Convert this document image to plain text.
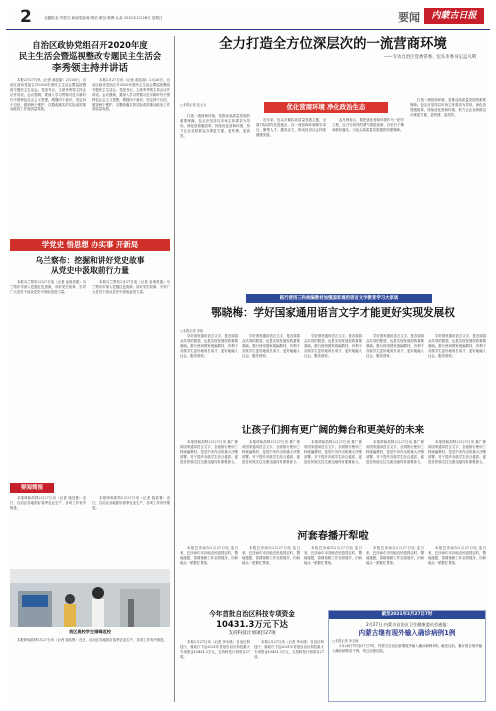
2	北疆报业·内蒙古·新闻零距离·网站·微信·微博·头条 2021年2月28日 星期日	要闻	内蒙古日报
自治区政协党组召开2020年度
民主生活会暨巡视整改专题民主生活会
李秀领主持并讲话

本报2月27日讯（记者 郝佳丽）2月26日，自治区政协党组召开2020年度民主生活会暨巡视整改专题民主生活会。党组书记、主席李秀领主持会议并讲话。会议强调，要深入学习贯彻习近平新时代中国特色社会主义思想，增强四个意识，坚定四个自信，做到两个维护，以整改落实的实际成效推动政协工作高质量发展。

本报2月27日讯（记者 郝佳丽）2月26日，自治区政协党组召开2020年度民主生活会暨巡视整改专题民主生活会。党组书记、主席李秀领主持会议并讲话。会议强调，要深入学习贯彻习近平新时代中国特色社会主义思想，增强四个意识，坚定四个自信，做到两个维护，以整改落实的实际成效推动政协工作高质量发展。

学党史 悟思想 办实事 开新局
乌兰察布：挖掘和讲好党史故事
从党史中汲取前行力量

本报乌兰察布2月27日电（记者 皇甫美惠）乌兰察布市深入挖掘红色资源，讲好党史故事，引导广大党员干部从党史中汲取奋进力量。

本报乌兰察布2月27日电（记者 皇甫美惠）乌兰察布市深入挖掘红色资源，讲好党史故事，引导广大党员干部从党史中汲取奋进力量。

要闻简报

本报呼和浩特2月27日讯（记者 钱其鲁）近日，自治区各地抓好春季农业生产，各项工作有序推进。

本报呼和浩特2月27日讯（记者 钱其鲁）近日，自治区各地抓好春季农业生产，各项工作有序推进。

我区高校学生错峰返校

本报呼和浩特2月27日讯（记者 钱其鲁）近日，自治区各地抓好春季农业生产，各项工作有序推进。

全力打造全方位深层次的一流营商环境
——专访自治区党委常委、包头市委书记孟凡利
□本报记者 赵元元	优化营商环境 净化政治生态

打造一流营商环境，是推动高质量发展的重要保障。包头市坚持以市场主体需求为导向，深化放管服改革，持续优化营商环境，努力让企业和群众办事更方便、更快捷、更高效。

近年来，包头市紧扣高质量发展主题，全面对标国内先进地区，以一流营商环境吸引项目、聚集人才、激发活力，推动经济社会持续健康发展。

孟凡利表示，要把优化营商环境作为一把手工程，以刀刃向内的勇气推进改革，以钉钉子精神抓好落实，为包头高质量发展提供坚强保障。

打造一流营商环境，是推动高质量发展的重要保障。包头市坚持以市场主体需求为导向，深化放管服改革，持续优化营商环境，努力让企业和群众办事更方便、更快捷、更高效。

践行使用三科统编教材加强国家通用语言文字教育学习大家谈
鄂晓梅：学好国家通用语言文字才能更好实现发展权
□本报记者 李晗

学好国家通用语言文字，是各族群众共同的愿望，也是实现发展权的重要基础。推行使用国家统编教材，有利于各族学生更好地成长成才，更好地融入社会、服务国家。

学好国家通用语言文字，是各族群众共同的愿望，也是实现发展权的重要基础。推行使用国家统编教材，有利于各族学生更好地成长成才，更好地融入社会、服务国家。

学好国家通用语言文字，是各族群众共同的愿望，也是实现发展权的重要基础。推行使用国家统编教材，有利于各族学生更好地成长成才，更好地融入社会、服务国家。

学好国家通用语言文字，是各族群众共同的愿望，也是实现发展权的重要基础。推行使用国家统编教材，有利于各族学生更好地成长成才，更好地融入社会、服务国家。

学好国家通用语言文字，是各族群众共同的愿望，也是实现发展权的重要基础。推行使用国家统编教材，有利于各族学生更好地成长成才，更好地融入社会、服务国家。

让孩子们拥有更广阔的舞台和更美好的未来

本报呼和浩特2月27日讯 推广使用国家通用语言文字，全面推行使用三科统编教材，是党中央作出的重大决策部署，对于提升各族学生综合素质、促进各民族交往交流交融具有重要意义。

本报呼和浩特2月27日讯 推广使用国家通用语言文字，全面推行使用三科统编教材，是党中央作出的重大决策部署，对于提升各族学生综合素质、促进各民族交往交流交融具有重要意义。

本报呼和浩特2月27日讯 推广使用国家通用语言文字，全面推行使用三科统编教材，是党中央作出的重大决策部署，对于提升各族学生综合素质、促进各民族交往交流交融具有重要意义。

本报呼和浩特2月27日讯 推广使用国家通用语言文字，全面推行使用三科统编教材，是党中央作出的重大决策部署，对于提升各族学生综合素质、促进各民族交往交流交融具有重要意义。

本报呼和浩特2月27日讯 推广使用国家通用语言文字，全面推行使用三科统编教材，是党中央作出的重大决策部署，对于提升各族学生综合素质、促进各民族交往交流交融具有重要意义。

河套春播开犁啦

本报巴彦淖尔2月27日电 连日来，巴彦淖尔市各地农民抢抓农时，整地施肥，春耕备耕工作全面展开，田间地头一派繁忙景象。

本报巴彦淖尔2月27日电 连日来，巴彦淖尔市各地农民抢抓农时，整地施肥，春耕备耕工作全面展开，田间地头一派繁忙景象。

本报巴彦淖尔2月27日电 连日来，巴彦淖尔市各地农民抢抓农时，整地施肥，春耕备耕工作全面展开，田间地头一派繁忙景象。

本报巴彦淖尔2月27日电 连日来，巴彦淖尔市各地农民抢抓农时，整地施肥，春耕备耕工作全面展开，田间地头一派繁忙景象。

本报巴彦淖尔2月27日电 连日来，巴彦淖尔市各地农民抢抓农时，整地施肥，春耕备耕工作全面展开，田间地头一派繁忙景象。

今年首批自治区科技专项资金
10431.3万元下达
支持科技计划项目27项

本报2月27日讯（记者 李永桃）自治区科技厅、财政厅下达2021年首批自治区科技重大专项资金10431.3万元，支持科技计划项目27项。

本报2月27日讯（记者 李永桃）自治区科技厅、财政厅下达2021年首批自治区科技重大专项资金10431.3万元，支持科技计划项目27项。

截至2021年2月27日7时
2月27日,内蒙古自治区卫生健康委员会通报:
内蒙古继有现外输入确诊病例1例
□本报记者 李玉琢

2月26日7时至27日7时，内蒙古自治区新增境外输入确诊病例1例。截至目前，累计报告境外输入确诊病例若干例，均已治愈出院。
